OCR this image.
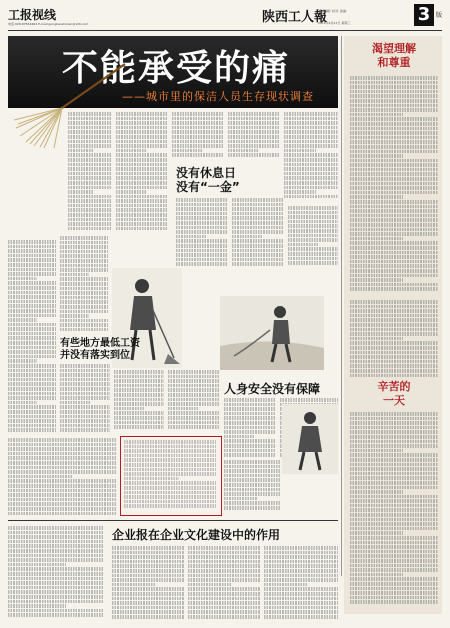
工报视线
电话:028-87564464 E-mail:gongbaoshixian@126.com	陕西工人報
本版编辑: 校对: 美编:
2011年4月27日 星期三	3 版
不能承受的痛
——城市里的保洁人员生存现状调查
没有休息日
没有“一金”
有些地方最低工资
并没有落实到位
人身安全没有保障
渴望理解
和尊重
辛苦的
一天
企业报在企业文化建设中的作用
